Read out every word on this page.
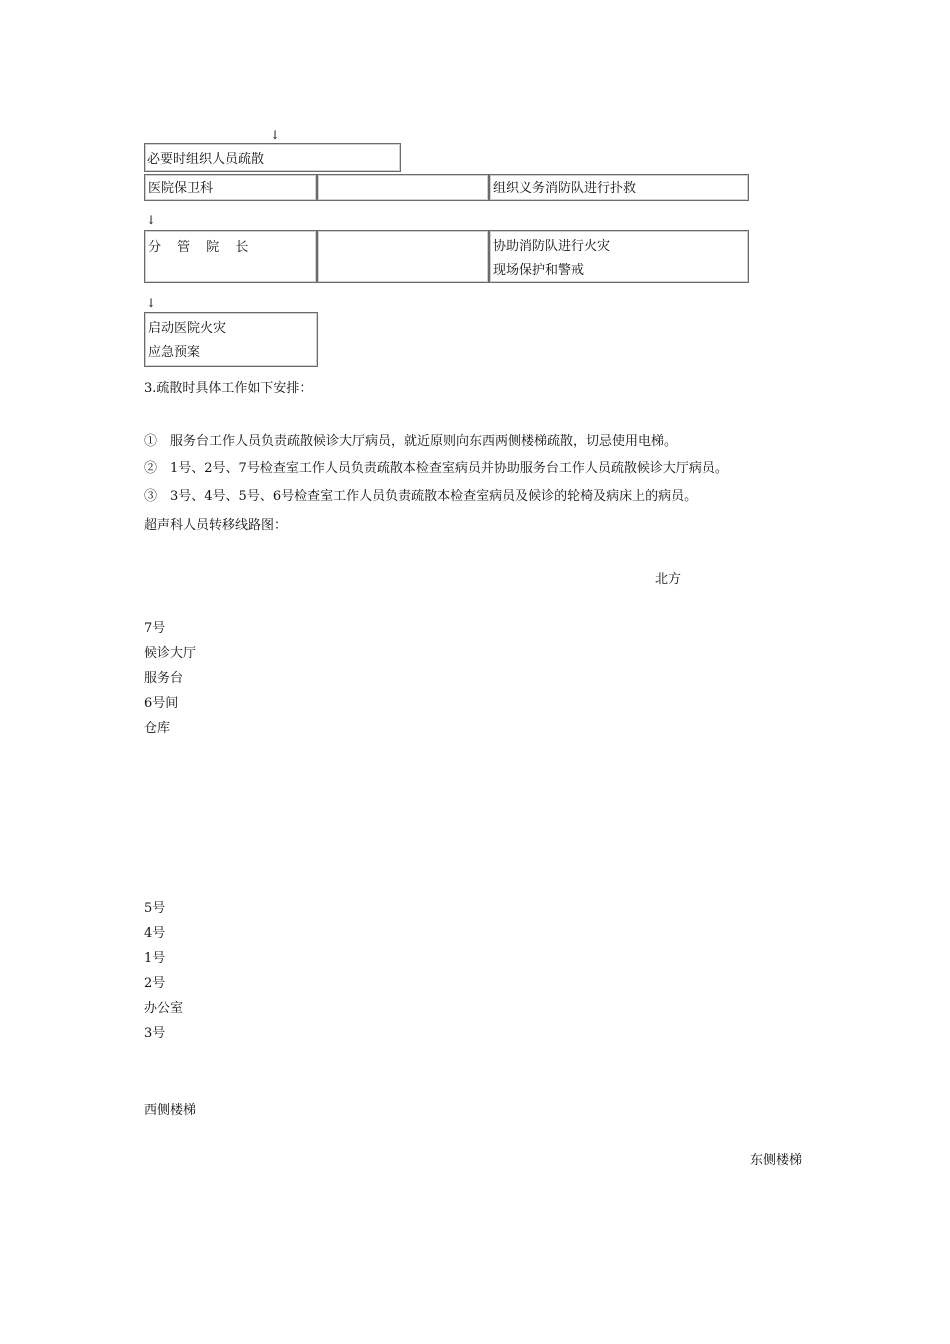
↓
必要时组织人员疏散
医院保卫科	组织义务消防队进行扑救
↓
分 管 院 长	协助消防队进行火灾
现场保护和警戒
↓
启动医院火灾
应急预案
3.疏散时具体工作如下安排：
①　服务台工作人员负责疏散候诊大厅病员，就近原则向东西两侧楼梯疏散，切忌使用电梯。
②　1号、2号、7号检查室工作人员负责疏散本检查室病员并协助服务台工作人员疏散候诊大厅病员。
③　3号、4号、5号、6号检查室工作人员负责疏散本检查室病员及候诊的轮椅及病床上的病员。
超声科人员转移线路图：
北方
7号
候诊大厅
服务台
6号间
仓库
5号
4号
1号
2号
办公室
3号
西侧楼梯
东侧楼梯
